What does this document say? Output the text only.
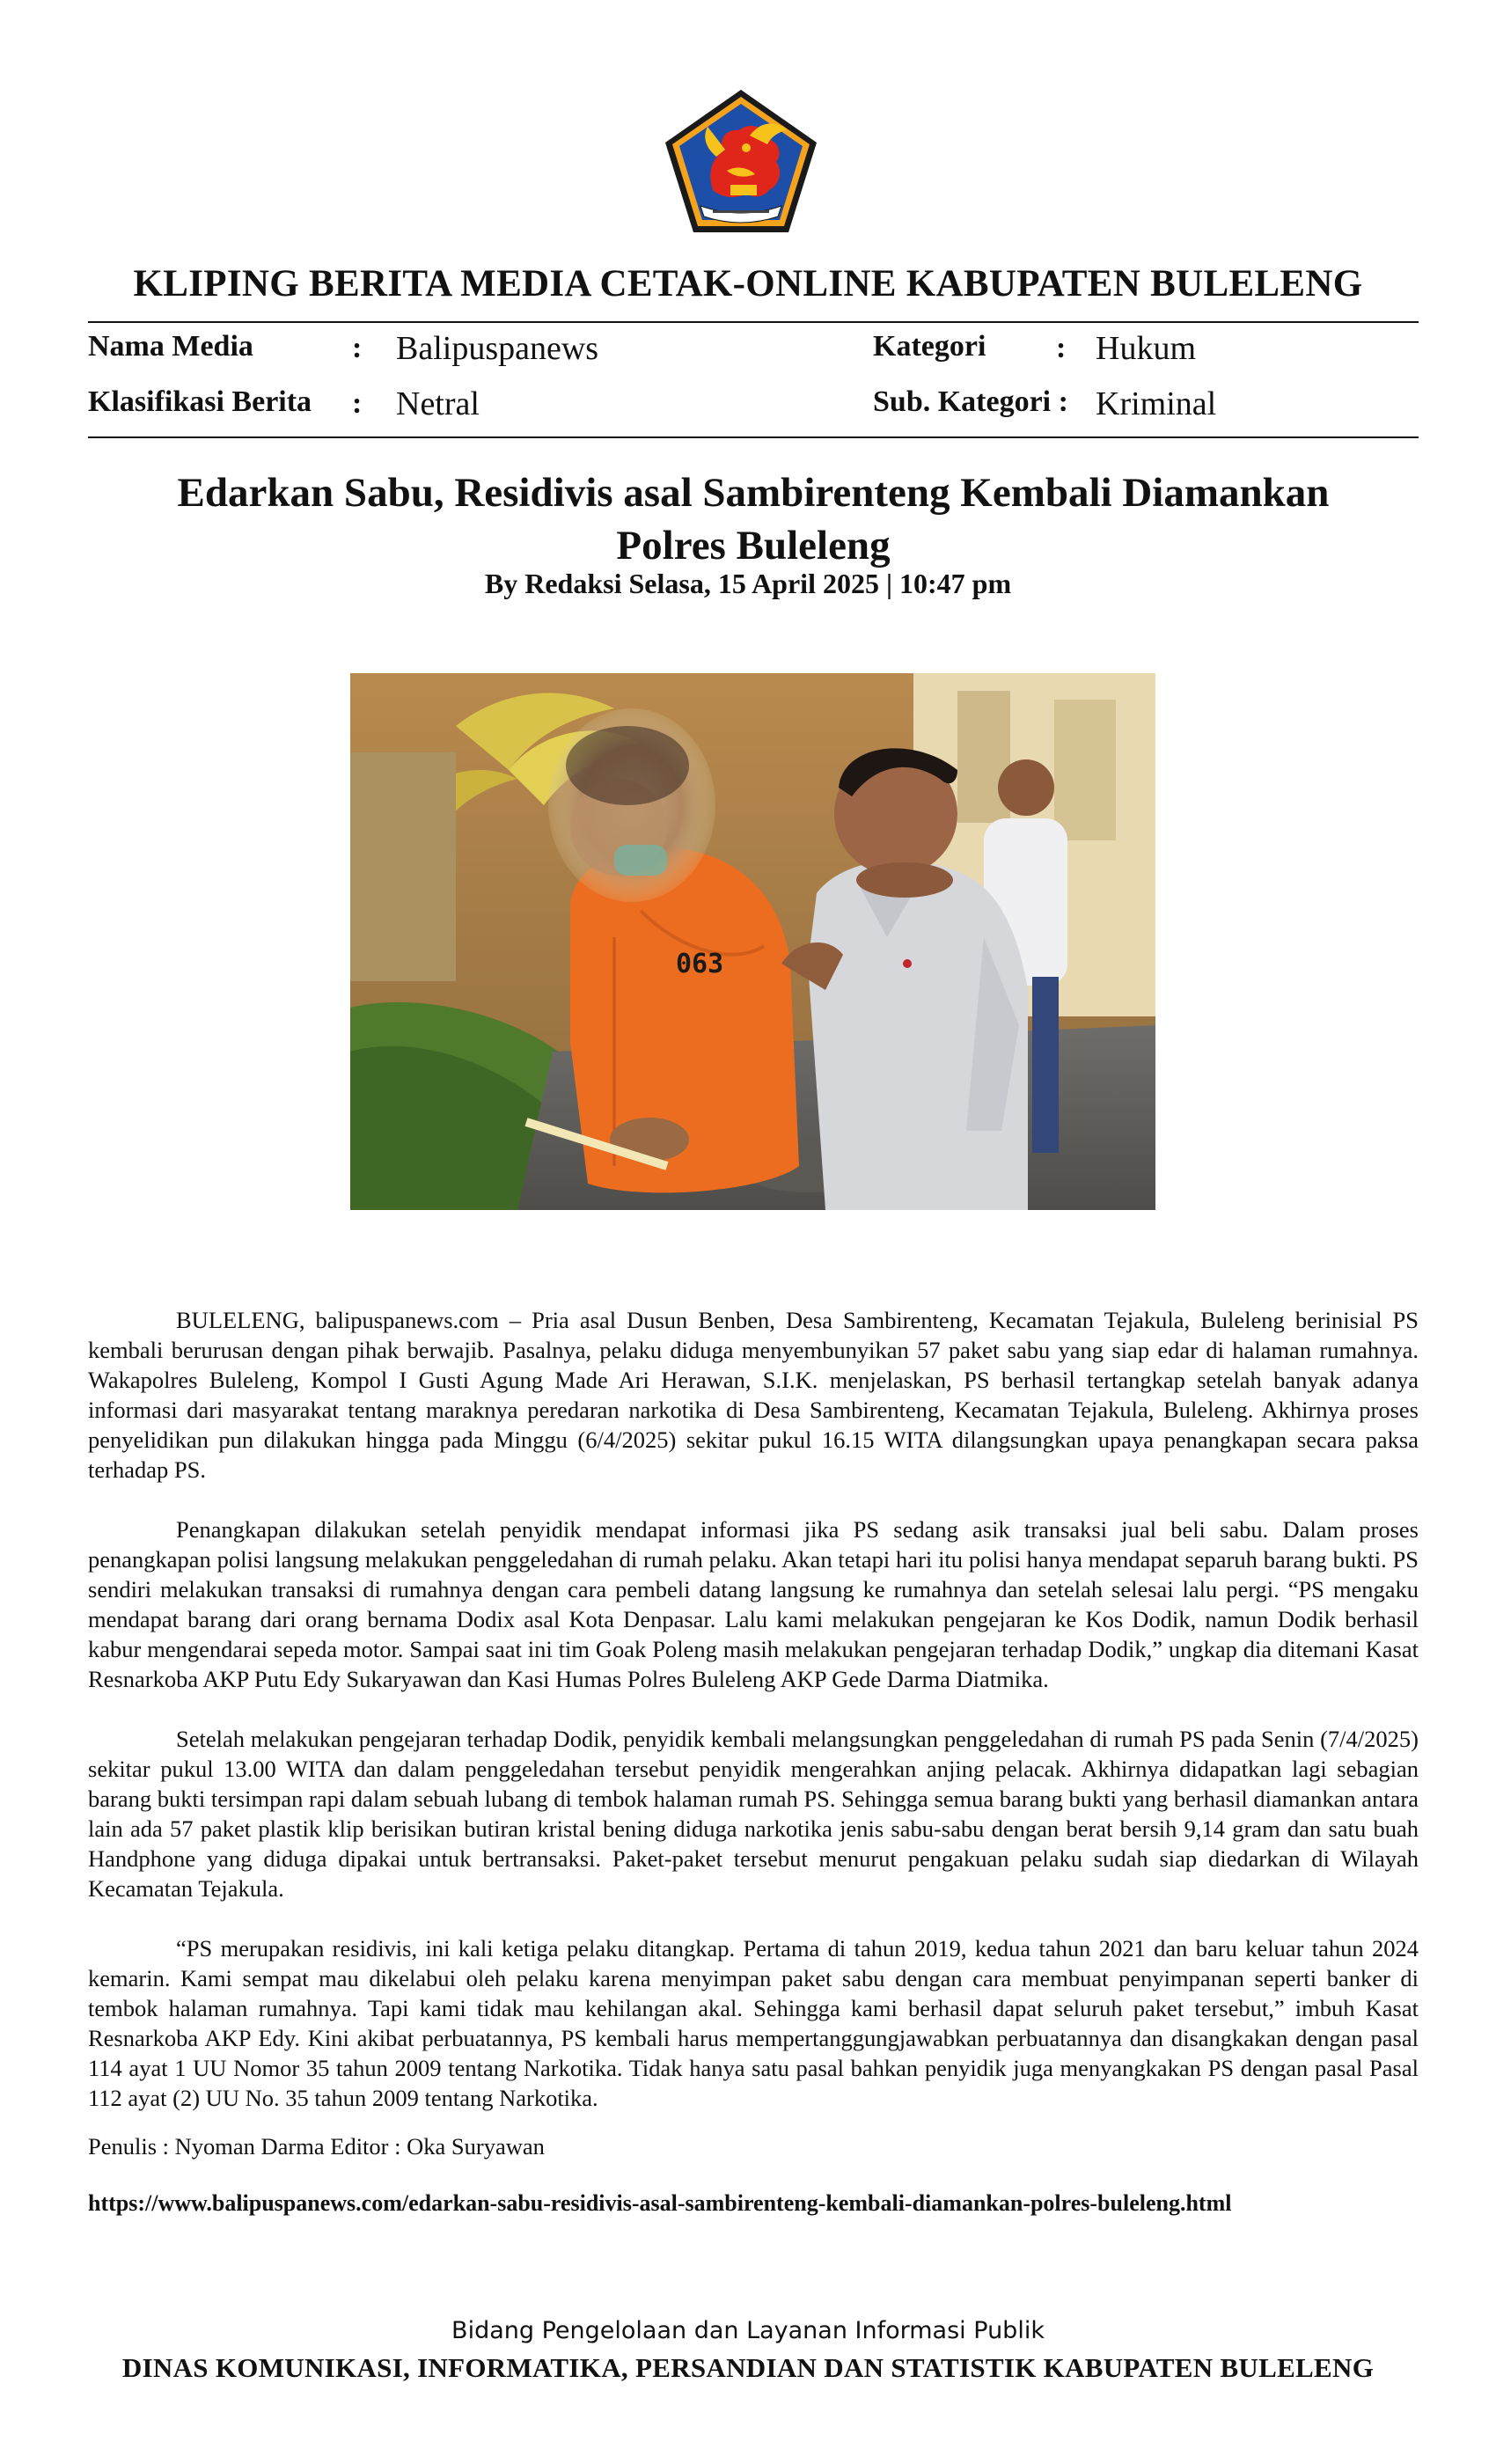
KLIPING BERITA MEDIA CETAK-ONLINE KABUPATEN BULELENG
Nama Media	: Balipuspanews	Kategori : Hukum
Klasifikasi Berita : Netral	Sub. Kategori : Kriminal
Edarkan Sabu, Residivis asal Sambirenteng Kembali Diamankan
Polres Buleleng
By Redaksi Selasa, 15 April 2025 | 10:47 pm
063

BULELENG, balipuspanews.com – Pria asal Dusun Benben, Desa Sambirenteng, Kecamatan Tejakula, Buleleng berinisial PS kembali berurusan dengan pihak berwajib. Pasalnya, pelaku diduga menyembunyikan 57 paket sabu yang siap edar di halaman rumahnya. Wakapolres Buleleng, Kompol I Gusti Agung Made Ari Herawan, S.I.K. menjelaskan, PS berhasil tertangkap setelah banyak adanya informasi dari masyarakat tentang maraknya peredaran narkotika di Desa Sambirenteng, Kecamatan Tejakula, Buleleng. Akhirnya proses penyelidikan pun dilakukan hingga pada Minggu (6/4/2025) sekitar pukul 16.15 WITA dilangsungkan upaya penangkapan secara paksa terhadap PS.

Penangkapan dilakukan setelah penyidik mendapat informasi jika PS sedang asik transaksi jual beli sabu. Dalam proses penangkapan polisi langsung melakukan penggeledahan di rumah pelaku. Akan tetapi hari itu polisi hanya mendapat separuh barang bukti. PS sendiri melakukan transaksi di rumahnya dengan cara pembeli datang langsung ke rumahnya dan setelah selesai lalu pergi. “PS mengaku mendapat barang dari orang bernama Dodix asal Kota Denpasar. Lalu kami melakukan pengejaran ke Kos Dodik, namun Dodik berhasil kabur mengendarai sepeda motor. Sampai saat ini tim Goak Poleng masih melakukan pengejaran terhadap Dodik,” ungkap dia ditemani Kasat Resnarkoba AKP Putu Edy Sukaryawan dan Kasi Humas Polres Buleleng AKP Gede Darma Diatmika.

Setelah melakukan pengejaran terhadap Dodik, penyidik kembali melangsungkan penggeledahan di rumah PS pada Senin (7/4/2025) sekitar pukul 13.00 WITA dan dalam penggeledahan tersebut penyidik mengerahkan anjing pelacak. Akhirnya didapatkan lagi sebagian barang bukti tersimpan rapi dalam sebuah lubang di tembok halaman rumah PS. Sehingga semua barang bukti yang berhasil diamankan antara lain ada 57 paket plastik klip berisikan butiran kristal bening diduga narkotika jenis sabu-sabu dengan berat bersih 9,14 gram dan satu buah Handphone yang diduga dipakai untuk bertransaksi. Paket-paket tersebut menurut pengakuan pelaku sudah siap diedarkan di Wilayah Kecamatan Tejakula.

“PS merupakan residivis, ini kali ketiga pelaku ditangkap. Pertama di tahun 2019, kedua tahun 2021 dan baru keluar tahun 2024 kemarin. Kami sempat mau dikelabui oleh pelaku karena menyimpan paket sabu dengan cara membuat penyimpanan seperti banker di tembok halaman rumahnya. Tapi kami tidak mau kehilangan akal. Sehingga kami berhasil dapat seluruh paket tersebut,” imbuh Kasat Resnarkoba AKP Edy. Kini akibat perbuatannya, PS kembali harus mempertanggungjawabkan perbuatannya dan disangkakan dengan pasal 114 ayat 1 UU Nomor 35 tahun 2009 tentang Narkotika. Tidak hanya satu pasal bahkan penyidik juga menyangkakan PS dengan pasal Pasal 112 ayat (2) UU No. 35 tahun 2009 tentang Narkotika.

Penulis : Nyoman Darma Editor : Oka Suryawan
https://www.balipuspanews.com/edarkan-sabu-residivis-asal-sambirenteng-kembali-diamankan-polres-buleleng.html
Bidang Pengelolaan dan Layanan Informasi Publik
DINAS KOMUNIKASI, INFORMATIKA, PERSANDIAN DAN STATISTIK KABUPATEN BULELENG
